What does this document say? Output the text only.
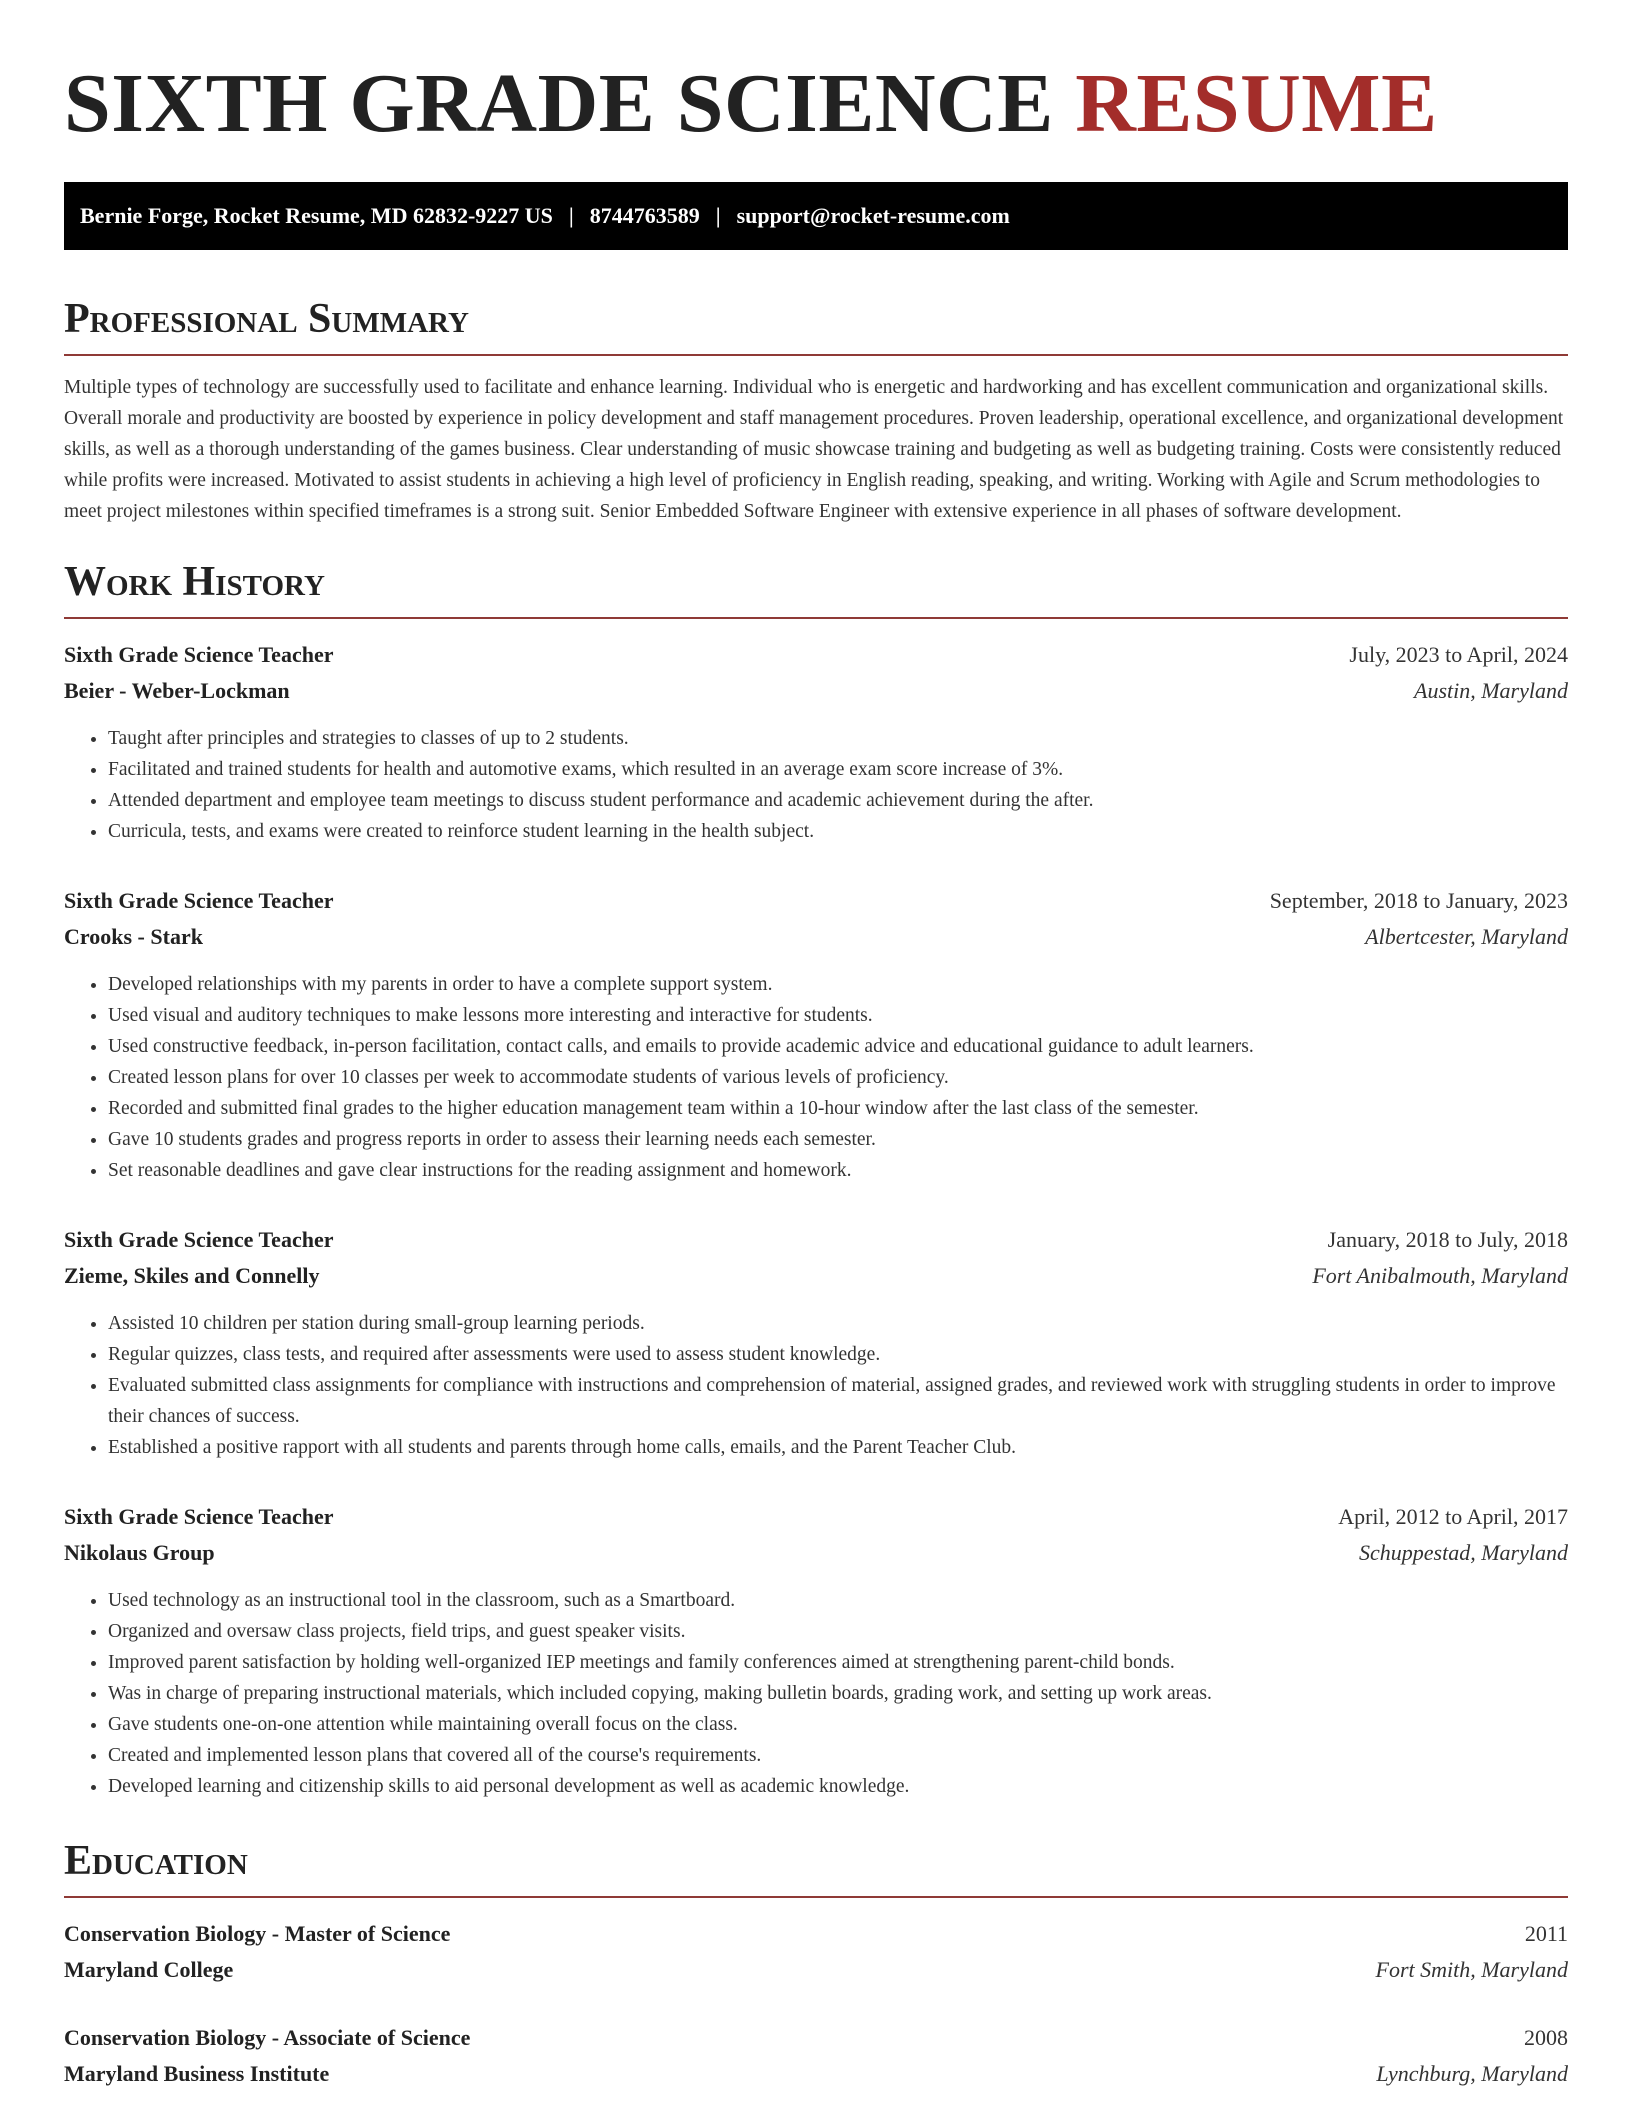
SIXTH GRADE SCIENCE RESUME
Bernie Forge, Rocket Resume, MD 62832-9227 US | 8744763589 | support@rocket-resume.com
Professional Summary
Multiple types of technology are successfully used to facilitate and enhance learning. Individual who is energetic and hardworking and has excellent communication and organizational skills. Overall morale and productivity are boosted by experience in policy development and staff management procedures. Proven leadership, operational excellence, and organizational development skills, as well as a thorough understanding of the games business. Clear understanding of music showcase training and budgeting as well as budgeting training. Costs were consistently reduced while profits were increased. Motivated to assist students in achieving a high level of proficiency in English reading, speaking, and writing. Working with Agile and Scrum methodologies to meet project milestones within specified timeframes is a strong suit. Senior Embedded Software Engineer with extensive experience in all phases of software development.
Work History
Sixth Grade Science Teacher	July, 2023 to April, 2024
Beier - Weber-Lockman	Austin, Maryland
• Taught after principles and strategies to classes of up to 2 students.
• Facilitated and trained students for health and automotive exams, which resulted in an average exam score increase of 3%.
• Attended department and employee team meetings to discuss student performance and academic achievement during the after.
• Curricula, tests, and exams were created to reinforce student learning in the health subject.
Sixth Grade Science Teacher	September, 2018 to January, 2023
Crooks - Stark	Albertcester, Maryland
• Developed relationships with my parents in order to have a complete support system.
• Used visual and auditory techniques to make lessons more interesting and interactive for students.
• Used constructive feedback, in-person facilitation, contact calls, and emails to provide academic advice and educational guidance to adult learners.
• Created lesson plans for over 10 classes per week to accommodate students of various levels of proficiency.
• Recorded and submitted final grades to the higher education management team within a 10-hour window after the last class of the semester.
• Gave 10 students grades and progress reports in order to assess their learning needs each semester.
• Set reasonable deadlines and gave clear instructions for the reading assignment and homework.
Sixth Grade Science Teacher	January, 2018 to July, 2018
Zieme, Skiles and Connelly	Fort Anibalmouth, Maryland
• Assisted 10 children per station during small-group learning periods.
• Regular quizzes, class tests, and required after assessments were used to assess student knowledge.
• Evaluated submitted class assignments for compliance with instructions and comprehension of material, assigned grades, and reviewed work with struggling students in order to improve their chances of success.
• Established a positive rapport with all students and parents through home calls, emails, and the Parent Teacher Club.
Sixth Grade Science Teacher	April, 2012 to April, 2017
Nikolaus Group	Schuppestad, Maryland
• Used technology as an instructional tool in the classroom, such as a Smartboard.
• Organized and oversaw class projects, field trips, and guest speaker visits.
• Improved parent satisfaction by holding well-organized IEP meetings and family conferences aimed at strengthening parent-child bonds.
• Was in charge of preparing instructional materials, which included copying, making bulletin boards, grading work, and setting up work areas.
• Gave students one-on-one attention while maintaining overall focus on the class.
• Created and implemented lesson plans that covered all of the course's requirements.
• Developed learning and citizenship skills to aid personal development as well as academic knowledge.
Education
Conservation Biology - Master of Science	2011
Maryland College	Fort Smith, Maryland
Conservation Biology - Associate of Science	2008
Maryland Business Institute	Lynchburg, Maryland
